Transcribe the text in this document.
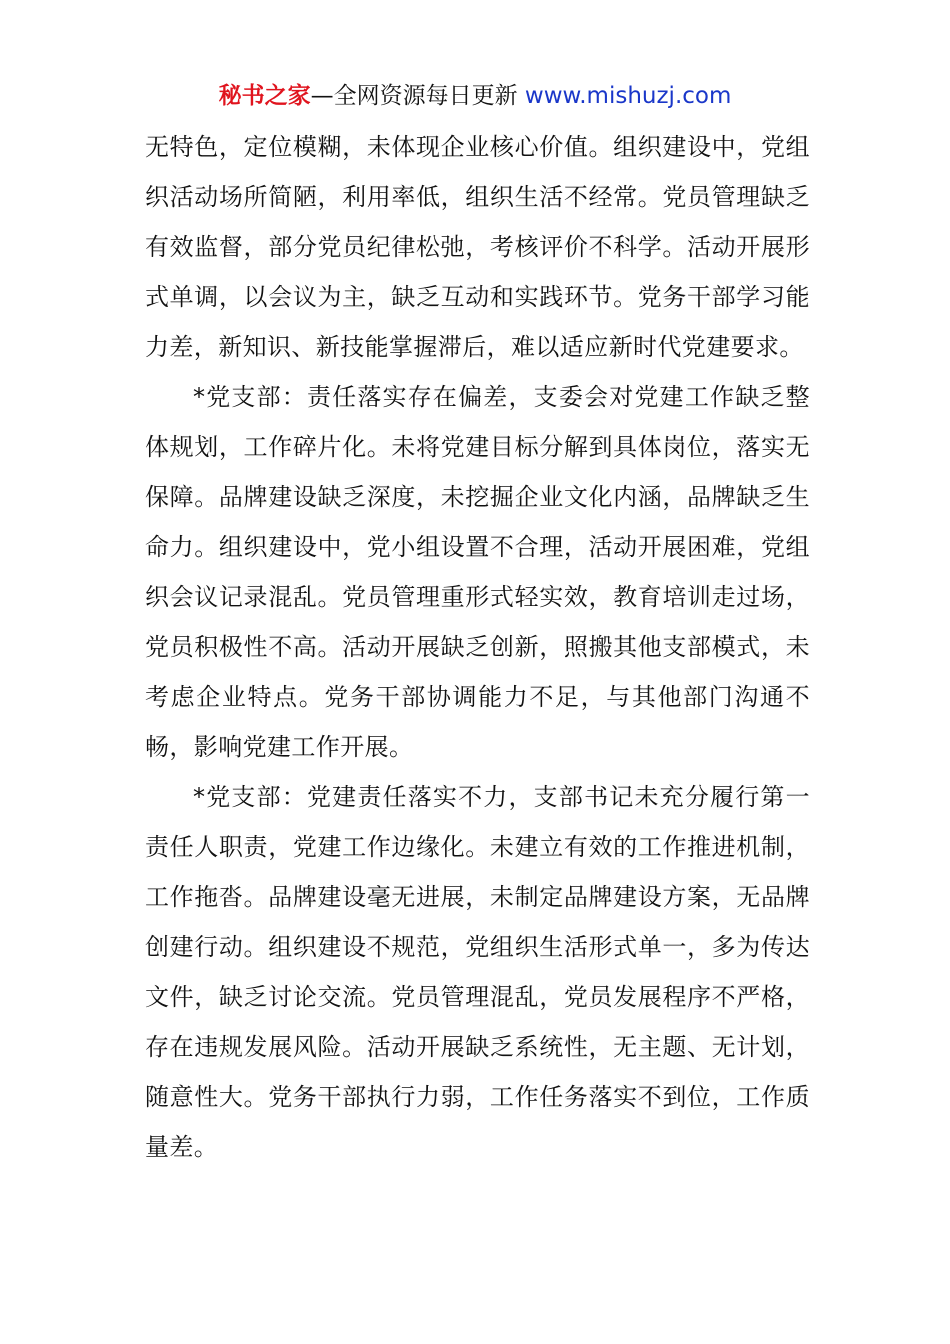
秘书之家—全网资源每日更新 www.mishuzj.com

无特色，定位模糊，未体现企业核心价值。组织建设中，党组织活动场所简陋，利用率低，组织生活不经常。党员管理缺乏有效监督，部分党员纪律松弛，考核评价不科学。活动开展形式单调，以会议为主，缺乏互动和实践环节。党务干部学习能力差，新知识、新技能掌握滞后，难以适应新时代党建要求。

*党支部：责任落实存在偏差，支委会对党建工作缺乏整体规划，工作碎片化。未将党建目标分解到具体岗位，落实无保障。品牌建设缺乏深度，未挖掘企业文化内涵，品牌缺乏生命力。组织建设中，党小组设置不合理，活动开展困难，党组织会议记录混乱。党员管理重形式轻实效，教育培训走过场，党员积极性不高。活动开展缺乏创新，照搬其他支部模式，未考虑企业特点。党务干部协调能力不足，与其他部门沟通不畅，影响党建工作开展。

*党支部：党建责任落实不力，支部书记未充分履行第一责任人职责，党建工作边缘化。未建立有效的工作推进机制，工作拖沓。品牌建设毫无进展，未制定品牌建设方案，无品牌创建行动。组织建设不规范，党组织生活形式单一，多为传达文件，缺乏讨论交流。党员管理混乱，党员发展程序不严格，存在违规发展风险。活动开展缺乏系统性，无主题、无计划，随意性大。党务干部执行力弱，工作任务落实不到位，工作质量差。
